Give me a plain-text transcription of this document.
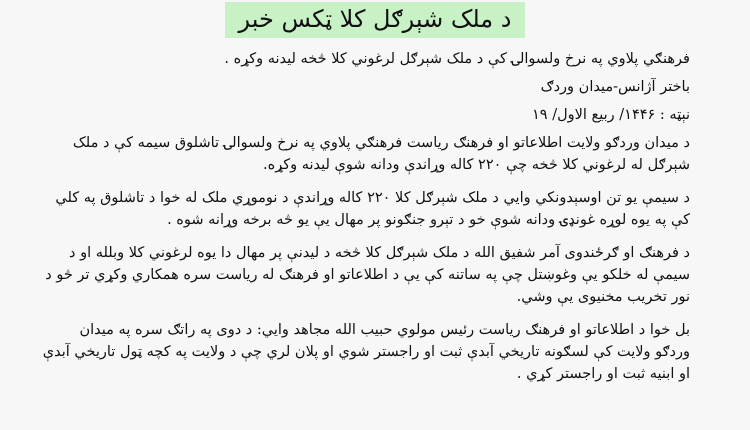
د ملک شېرګل کلا ټکس خبر

فرهنګي پلاوي په نرخ ولسوالۍ کې د ملک شېرګل لرغوني کلا څخه لیدنه وکړه .

باختر آژانس-میدان وردګ

نېټه : ۱۴۴۶/ ربیع الاول/ ۱۹

د میدان وردګو ولایت اطلاعاتو او فرهنګ ریاست فرهنګي پلاوي په نرخ ولسوالۍ تاشلوق سیمه کې د ملک شېرګل له لرغوني کلا څخه چې ۲۲۰ کاله وړاندې ودانه شوې لیدنه وکړه.

د سیمې یو تن اوسېدونکي وایي د ملک شېرګل کلا ۲۲۰ کاله وړاندې د نوموړي ملک له خوا د تاشلوق په کلي کې په یوه لوړه غونډۍ ودانه شوې خو د تېرو جنګونو پر مهال یې یو څه برخه وړانه شوه .

د فرهنګ او ګرځندوی آمر شفیق الله د ملک شېرګل کلا څخه د لیدنې پر مهال دا یوه لرغوني کلا وبلله او د سیمې له خلکو یې وغوښتل چې په ساتنه کې یې د اطلاعاتو او فرهنګ له ریاست سره همکاري وکړي تر څو د نور تخریب مخنیوی یې وشي.

بل خوا د اطلاعاتو او فرهنګ ریاست رئیس مولوي حبیب الله مجاهد وایي: د دوی په راتګ سره په میدان وردګو ولایت کې لسګونه تاریخي آبدې ثبت او راجستر شوي او پلان لري چې د ولایت په کچه ټول تاریخي آبدې او ابنیه ثبت او راجستر کړي .
